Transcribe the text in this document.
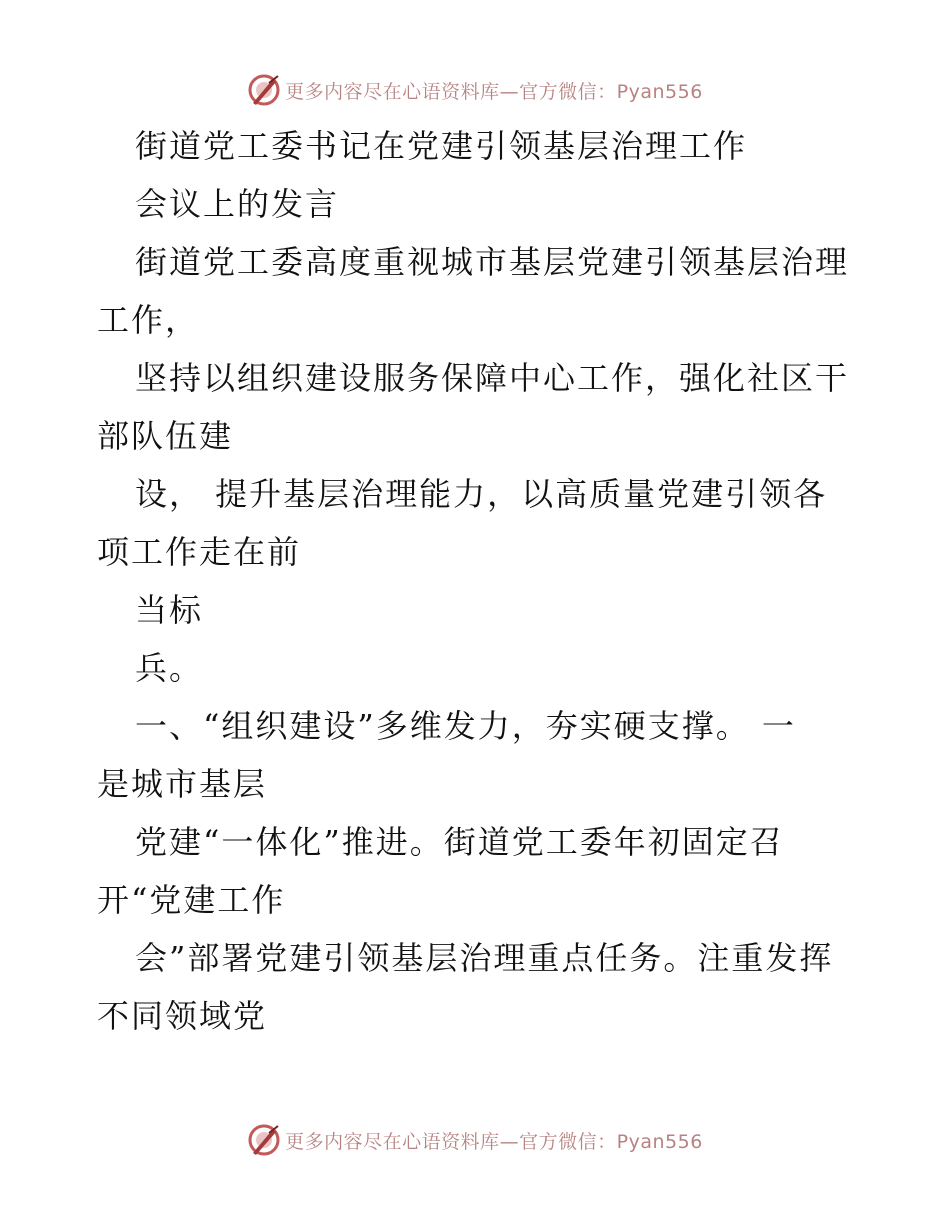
更多内容尽在心语资料库—官方微信：Pyan556
街道党工委书记在党建引领基层治理工作
会议上的发言
街道党工委高度重视城市基层党建引领基层治理
工作，
坚持以组织建设服务保障中心工作，强化社区干
部队伍建
设， 提升基层治理能力，以高质量党建引领各
项工作走在前
当标
兵。
一、“组织建设”多维发力，夯实硬支撑。 一
是城市基层
党建“一体化”推进。街道党工委年初固定召
开“党建工作
会”部署党建引领基层治理重点任务。注重发挥
不同领域党
更多内容尽在心语资料库—官方微信：Pyan556
